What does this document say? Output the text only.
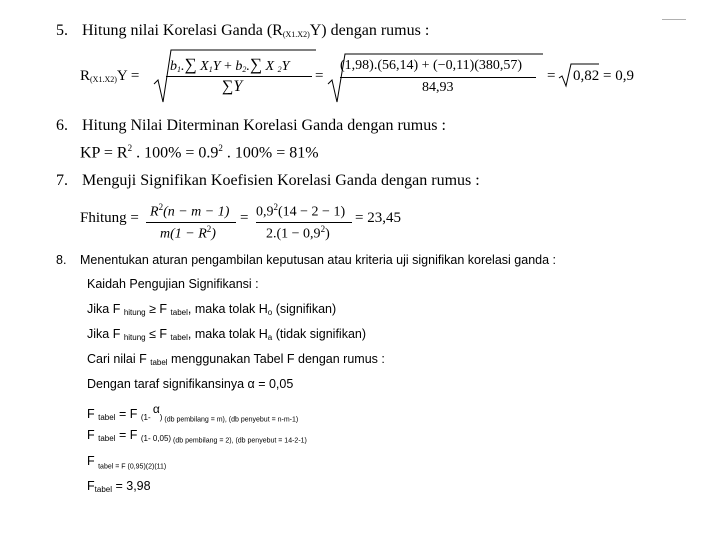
5. Hitung nilai Korelasi Ganda $(R_{(X1.X2)}Y)$ dengan rumus :
$R_{(X1.X2)}Y$ =
$b_1.\sum$ $X_1Y + b_2.\sum$ X $_2$Y
∑Y
=
(1,98).(56,14) + (−0,11)(380,57)
84,93
= 0,82 = 0,9
6. Hitung Nilai Diterminan Korelasi Ganda dengan rumus :
KP = $R^2$ . $100\% = 0.9^2$ . 100% = 81%
7. Menguji Signifikan Koefisien Korelasi Ganda dengan rumus :
Fhitung = $R^2(n - m - 1)$
$m(1 - R^2)$
= $0,9^2(14 - 2 - 1)$
$2.(1 - 0,9^2)$
= 23,45
8. Menentukan aturan pengambilan keputusan atau kriteria uji signifikan korelasi ganda :
Kaidah Pengujian Signifikansi :
Jika F $_{hitung}$ ≥ F $_{tabel}$, maka tolak $H_o$ (signifikan)
Jika F $_{hitung}$ ≤ F $_{tabel}$, maka tolak $H_a$ (tidak signifikan)
Cari nilai F $_{tabel}$ menggunakan Tabel F dengan rumus :
Dengan taraf signifikansinya α = 0,05
F $_{tabel}$ = F $_{(1-}$ $^\alpha_)$ $_{(db pembilang = m), (db penyebut = n-m-1)}$
F $_{tabel}$ = F $_{(1- 0,05)}$ $_{(db pembilang = 2), (db penyebut = 14-2-1)}$
F $_{tabel = F (0,95)(2)(11)}$
$F_{tabel} = 3,98$
